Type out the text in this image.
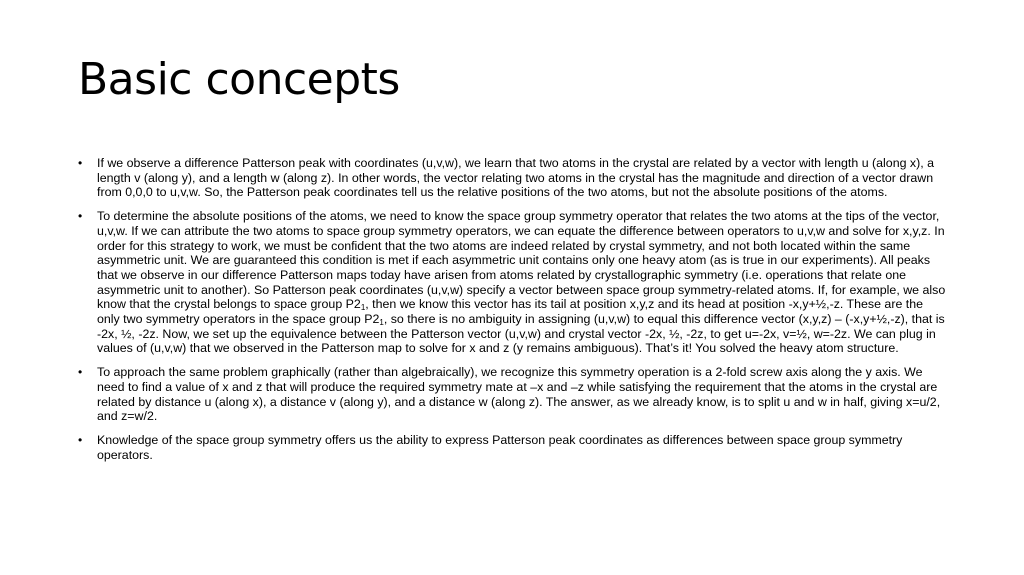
Basic concepts
• If we observe a difference Patterson peak with coordinates (u,v,w), we learn that two atoms in the crystal are related by a vector with length u (along x), a length v (along y), and a length w (along z). In other words, the vector relating two atoms in the crystal has the magnitude and direction of a vector drawn from 0,0,0 to u,v,w. So, the Patterson peak coordinates tell us the relative positions of the two atoms, but not the absolute positions of the atoms.
• To determine the absolute positions of the atoms, we need to know the space group symmetry operator that relates the two atoms at the tips of the vector, u,v,w. If we can attribute the two atoms to space group symmetry operators, we can equate the difference between operators to u,v,w and solve for x,y,z. In order for this strategy to work, we must be confident that the two atoms are indeed related by crystal symmetry, and not both located within the same asymmetric unit. We are guaranteed this condition is met if each asymmetric unit contains only one heavy atom (as is true in our experiments). All peaks that we observe in our difference Patterson maps today have arisen from atoms related by crystallographic symmetry (i.e. operations that relate one asymmetric unit to another). So Patterson peak coordinates (u,v,w) specify a vector between space group symmetry-related atoms. If, for example, we also know that the crystal belongs to space group $P2_1$, then we know this vector has its tail at position x,y,z and its head at position -x,y+½,-z. These are the only two symmetry operators in the space group $P2_1$, so there is no ambiguity in assigning (u,v,w) to equal this difference vector (x,y,z) – (-x,y+½,-z), that is -2x, ½, -2z. Now, we set up the equivalence between the Patterson vector (u,v,w) and crystal vector -2x, ½, -2z, to get u=-2x, v=½, w=-2z. We can plug in values of (u,v,w) that we observed in the Patterson map to solve for x and z (y remains ambiguous). That’s it! You solved the heavy atom structure.
• To approach the same problem graphically (rather than algebraically), we recognize this symmetry operation is a 2-fold screw axis along the y axis. We need to find a value of x and z that will produce the required symmetry mate at –x and –z while satisfying the requirement that the atoms in the crystal are related by distance u (along x), a distance v (along y), and a distance w (along z). The answer, as we already know, is to split u and w in half, giving x=u/2, and z=w/2.
• Knowledge of the space group symmetry offers us the ability to express Patterson peak coordinates as differences between space group symmetry operators.
